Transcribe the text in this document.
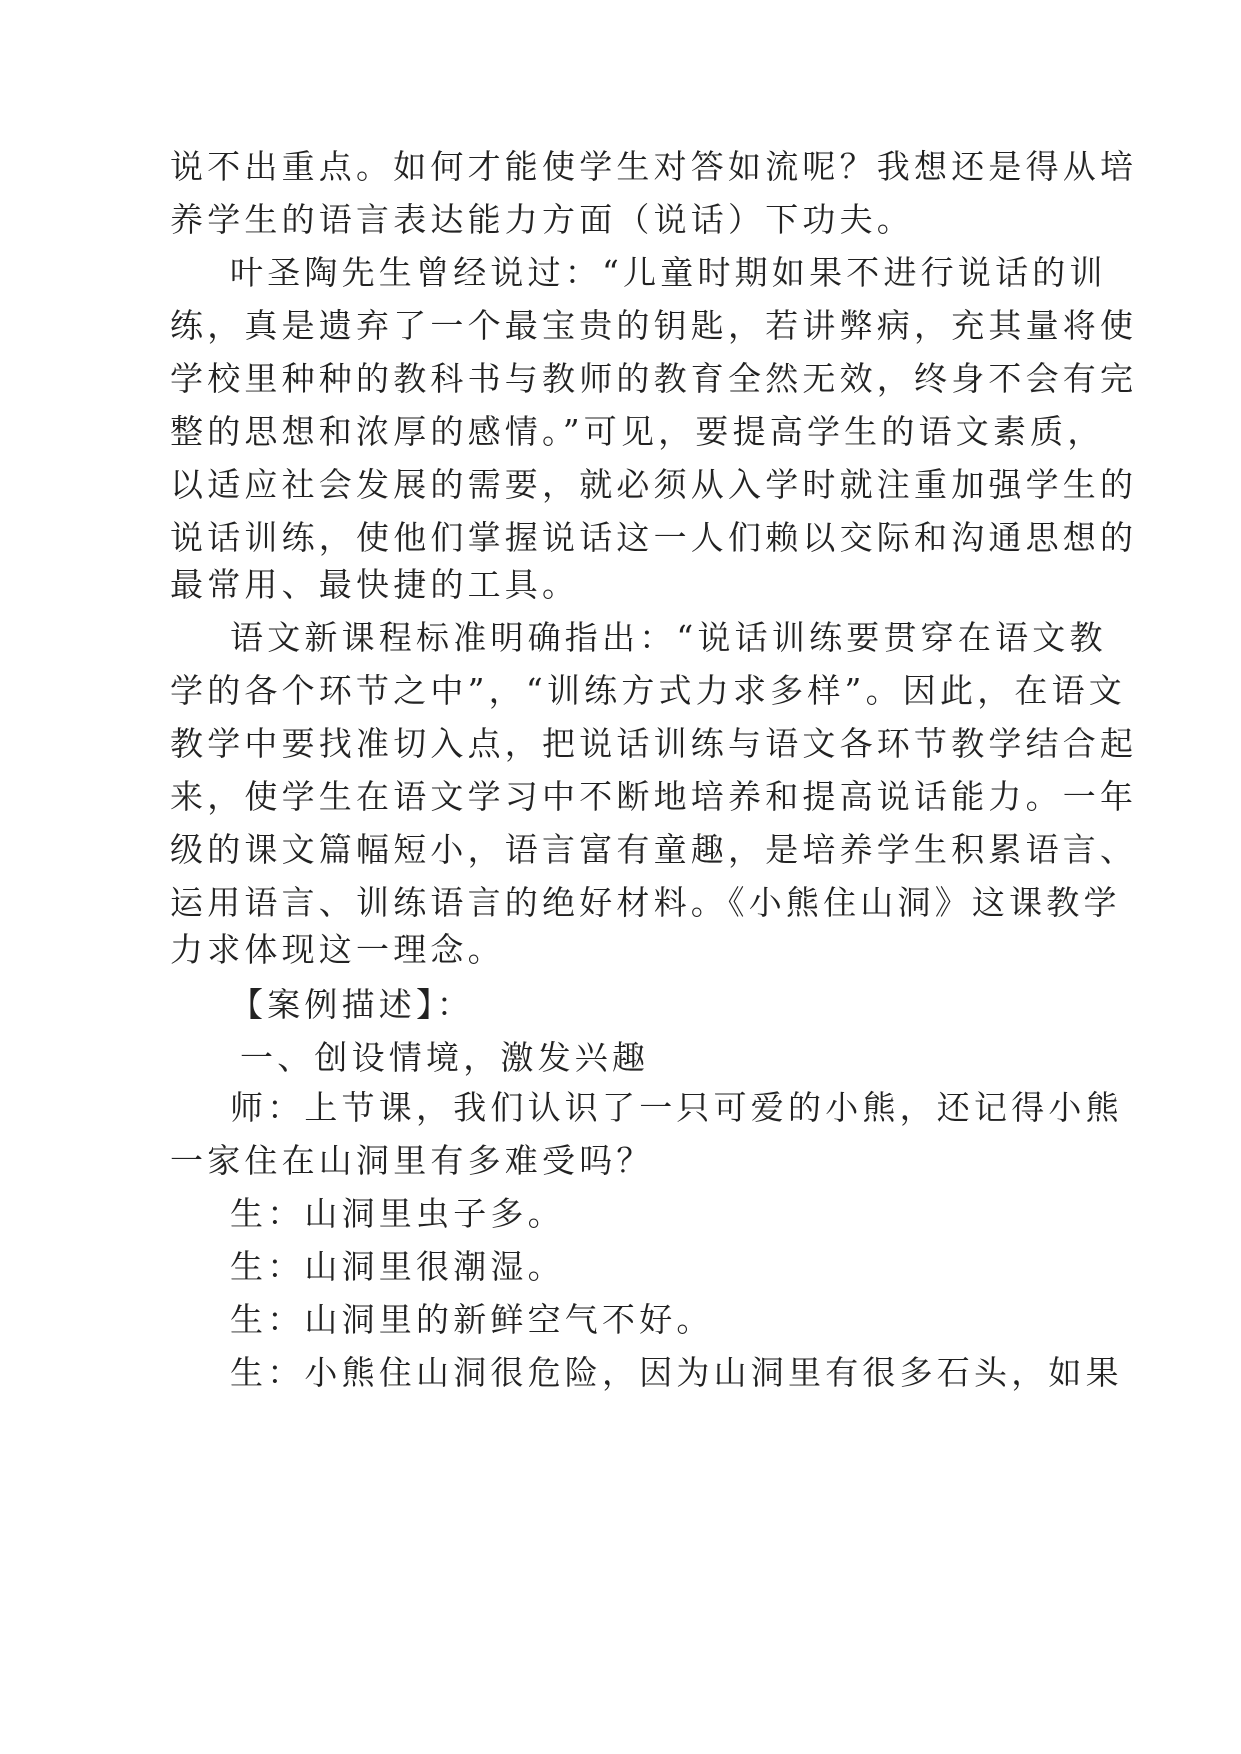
说不出重点。如何才能使学生对答如流呢？我想还是得从培
养学生的语言表达能力方面（说话）下功夫。
叶圣陶先生曾经说过：“儿童时期如果不进行说话的训
练，真是遗弃了一个最宝贵的钥匙，若讲弊病，充其量将使
学校里种种的教科书与教师的教育全然无效，终身不会有完
整的思想和浓厚的感情。”可见，要提高学生的语文素质，
以适应社会发展的需要，就必须从入学时就注重加强学生的
说话训练，使他们掌握说话这一人们赖以交际和沟通思想的
最常用、最快捷的工具。
语文新课程标准明确指出：“说话训练要贯穿在语文教
学的各个环节之中”，“训练方式力求多样”。因此，在语文
教学中要找准切入点，把说话训练与语文各环节教学结合起
来，使学生在语文学习中不断地培养和提高说话能力。一年
级的课文篇幅短小，语言富有童趣，是培养学生积累语言、
运用语言、训练语言的绝好材料。《小熊住山洞》这课教学
力求体现这一理念。
【案例描述】：
一、创设情境，激发兴趣
师：上节课，我们认识了一只可爱的小熊，还记得小熊
一家住在山洞里有多难受吗？
生：山洞里虫子多。
生：山洞里很潮湿。
生：山洞里的新鲜空气不好。
生：小熊住山洞很危险，因为山洞里有很多石头，如果
